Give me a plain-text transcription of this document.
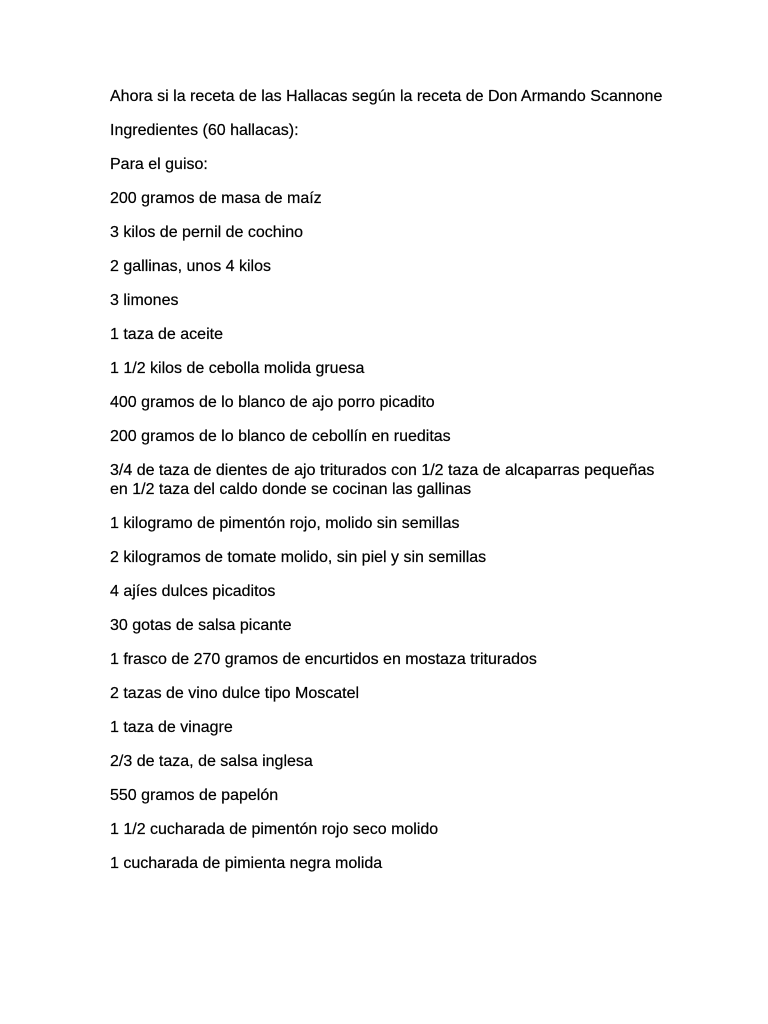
Ahora si la receta de las Hallacas según la receta de Don Armando Scannone

Ingredientes (60 hallacas):

Para el guiso:

200 gramos de masa de maíz

3 kilos de pernil de cochino

2 gallinas, unos 4 kilos

3 limones

1 taza de aceite

1 1/2 kilos de cebolla molida gruesa

400 gramos de lo blanco de ajo porro picadito

200 gramos de lo blanco de cebollín en rueditas

3/4 de taza de dientes de ajo triturados con 1/2 taza de alcaparras pequeñas en 1/2 taza del caldo donde se cocinan las gallinas

1 kilogramo de pimentón rojo, molido sin semillas

2 kilogramos de tomate molido, sin piel y sin semillas

4 ajíes dulces picaditos

30 gotas de salsa picante

1 frasco de 270 gramos de encurtidos en mostaza triturados

2 tazas de vino dulce tipo Moscatel

1 taza de vinagre

2/3 de taza, de salsa inglesa

550 gramos de papelón

1 1/2 cucharada de pimentón rojo seco molido

1 cucharada de pimienta negra molida
